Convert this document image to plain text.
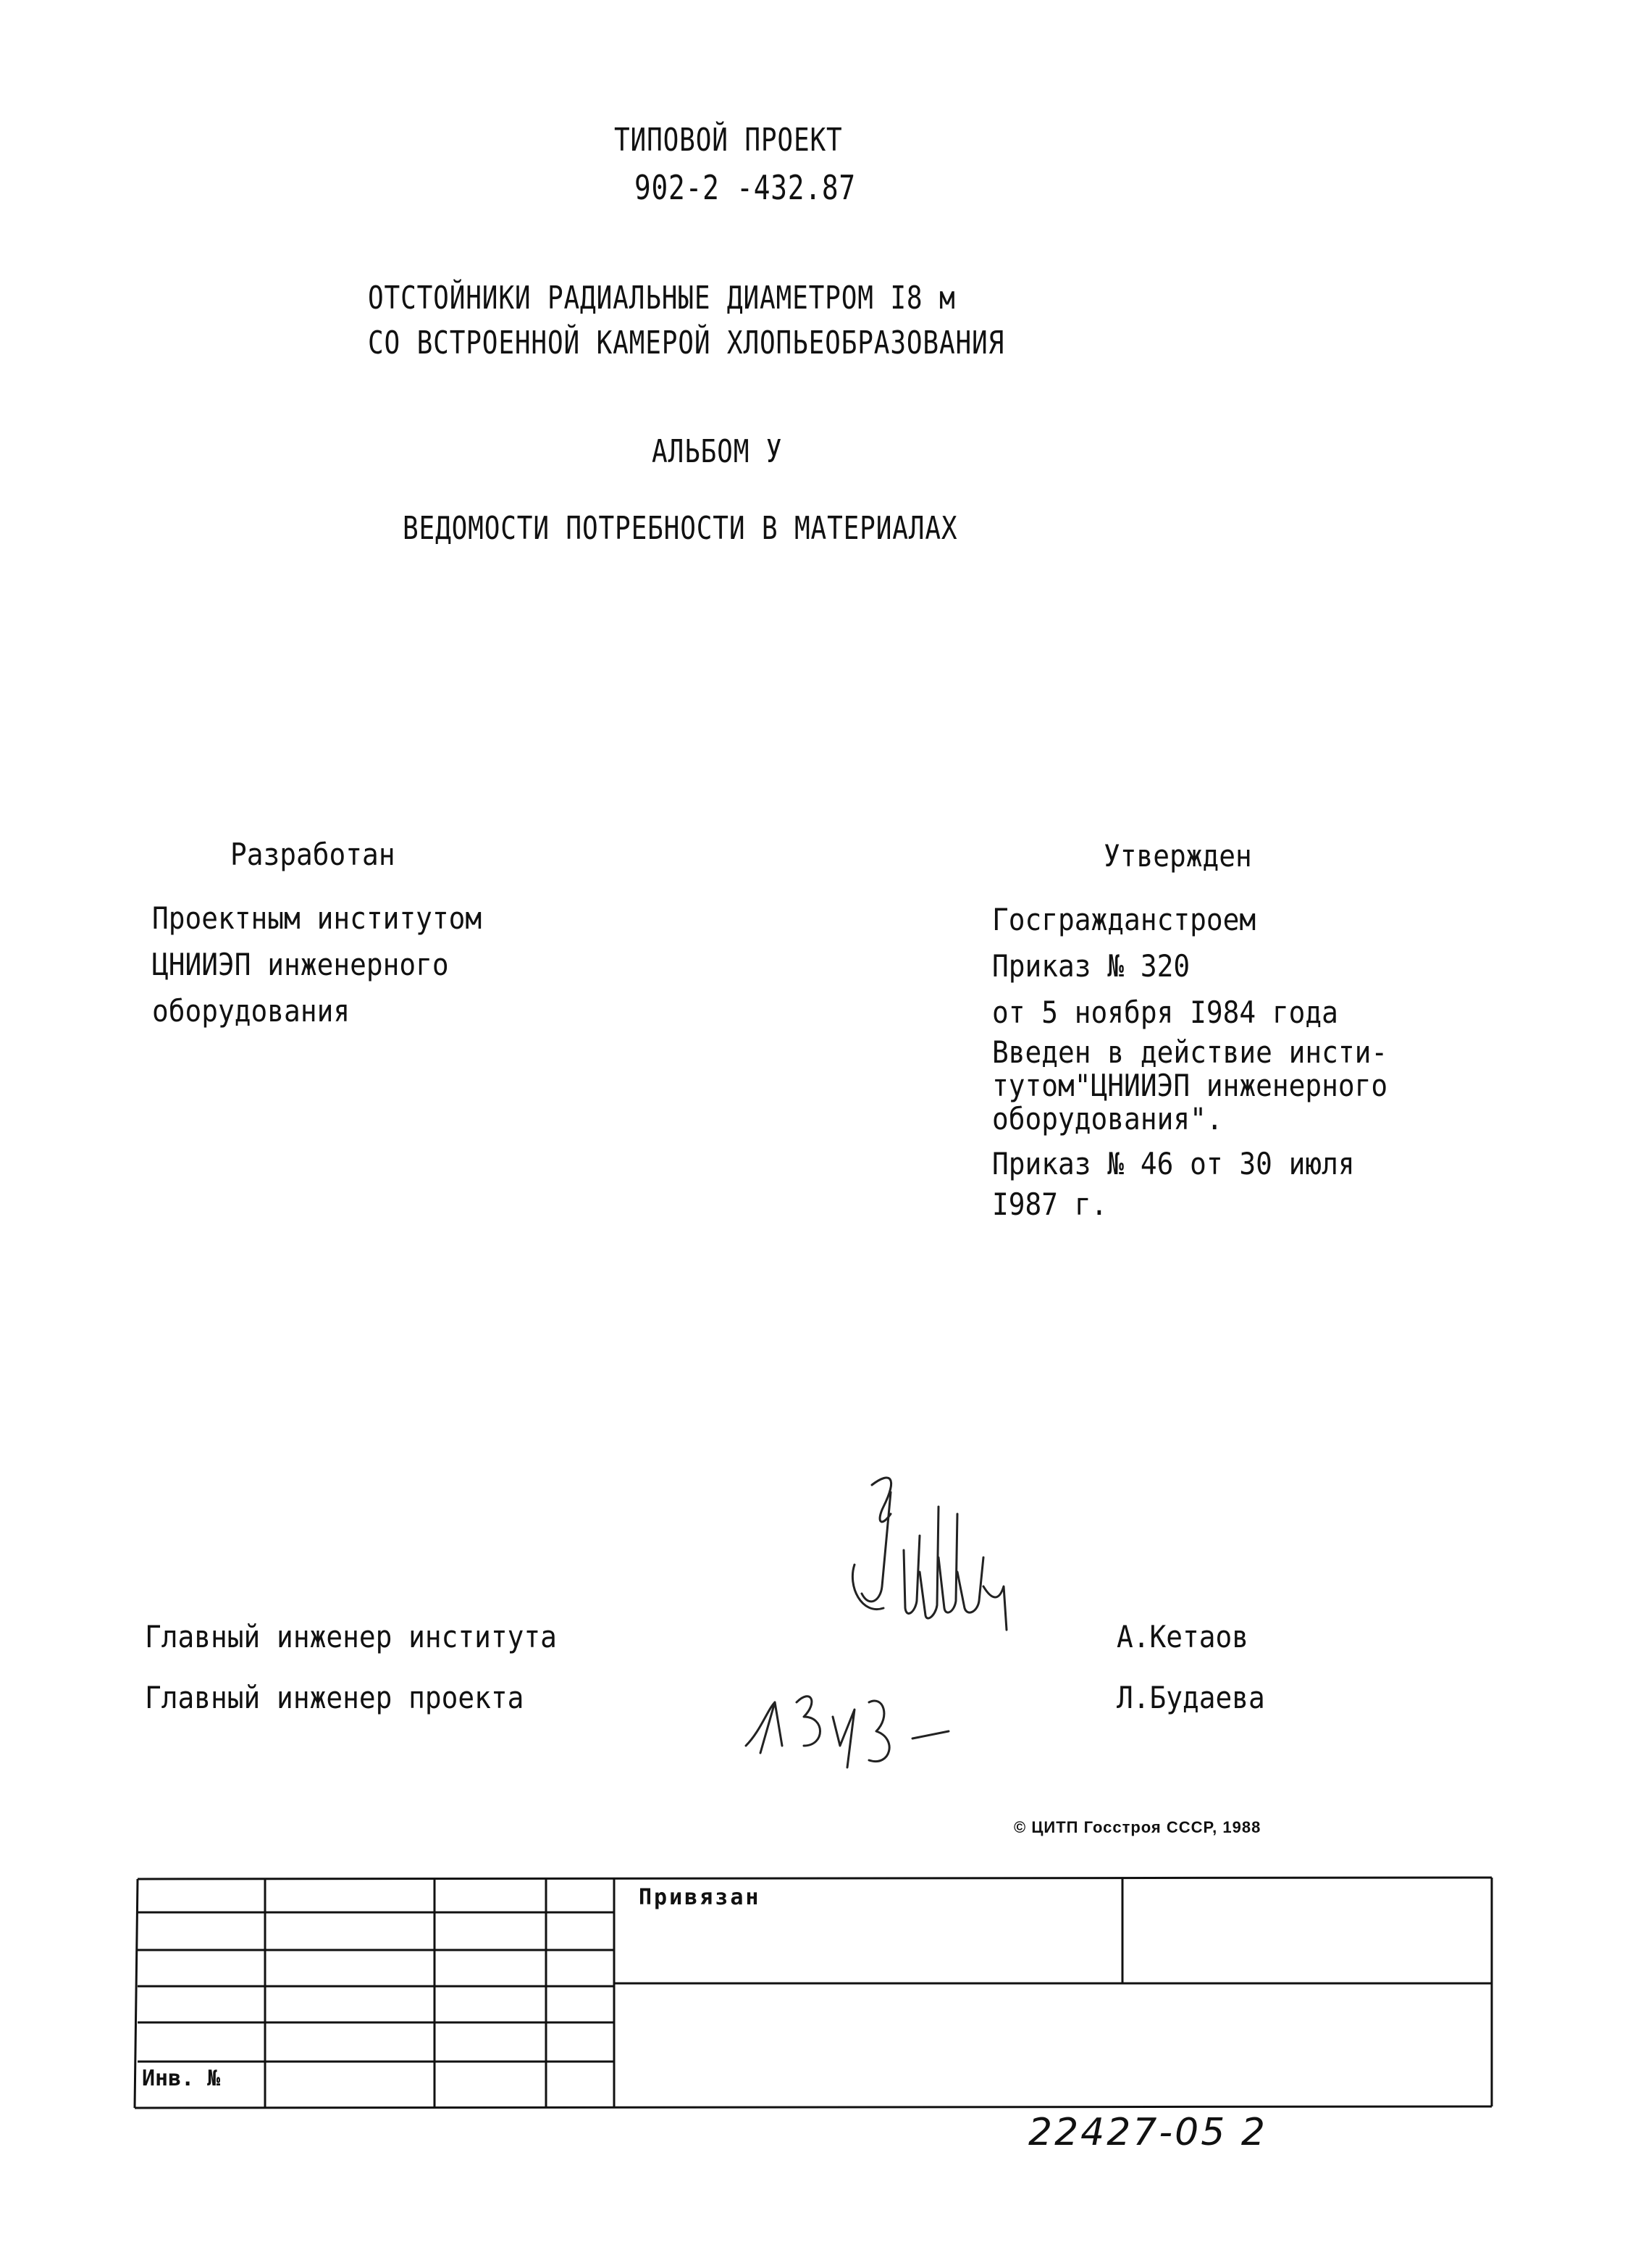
ТИПОВОЙ ПРОЕКТ
902-2 -432.87
ОТСТОЙНИКИ РАДИАЛЬНЫЕ ДИАМЕТРОМ I8 м
СО ВСТРОЕННОЙ КАМЕРОЙ ХЛОПЬЕОБРАЗОВАНИЯ
АЛЬБОМ У
ВЕДОМОСТИ ПОТРЕБНОСТИ В МАТЕРИАЛАХ
Разработан
Проектным институтом
ЦНИИЭП инженерного
оборудования
Утвержден
Госгражданстроем
Приказ № 320
от 5 ноября I984 года
Введен в действие инсти-
тутом"ЦНИИЭП инженерного
оборудования".
Приказ № 46 от 30 июля
I987 г.
Главный инженер института	А.Кетаов
Главный инженер проекта	Л.Будаева
© ЦИТП Госстроя СССР, 1988
Привязан
Инв. №
22427-05 2
